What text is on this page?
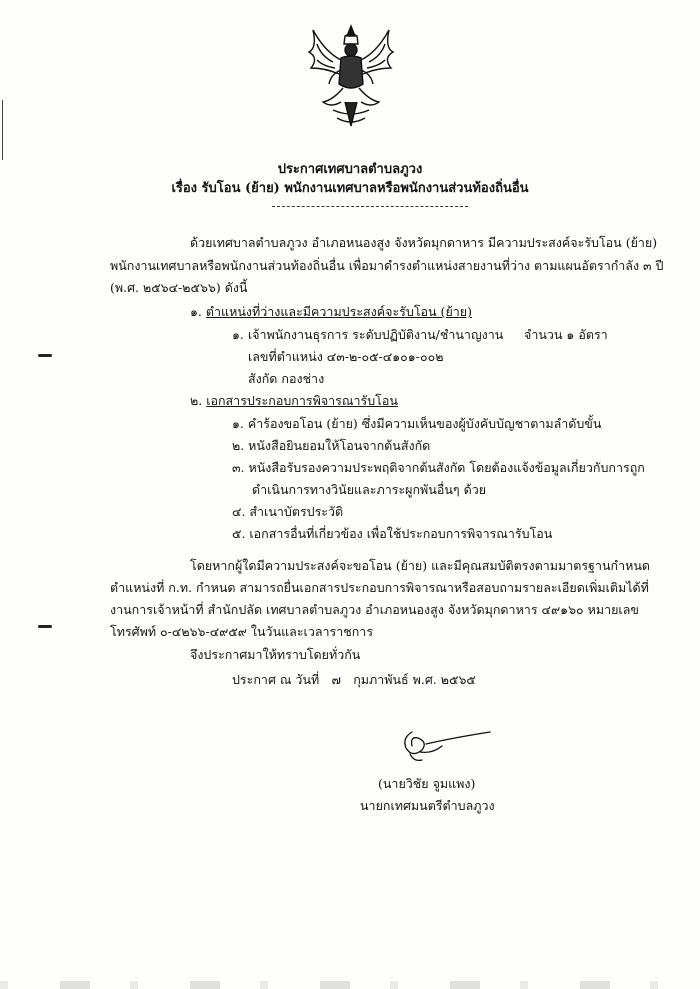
ประกาศเทศบาลตำบลภูวง
เรื่อง รับโอน (ย้าย) พนักงานเทศบาลหรือพนักงานส่วนท้องถิ่นอื่น
ด้วยเทศบาลตำบลภูวง อำเภอหนองสูง จังหวัดมุกดาหาร มีความประสงค์จะรับโอน (ย้าย)
พนักงานเทศบาลหรือพนักงานส่วนท้องถิ่นอื่น เพื่อมาดำรงตำแหน่งสายงานที่ว่าง ตามแผนอัตรากำลัง ๓ ปี
(พ.ศ. ๒๕๖๔-๒๕๖๖) ดังนี้
๑. ตำแหน่งที่ว่างและมีความประสงค์จะรับโอน (ย้าย)
๑. เจ้าพนักงานธุรการ ระดับปฏิบัติงาน/ชำนาญงาน จำนวน ๑ อัตรา
เลขที่ตำแหน่ง ๔๓-๒-๐๕-๔๑๐๑-๐๐๒
สังกัด กองช่าง
๒. เอกสารประกอบการพิจารณารับโอน
๑. คำร้องขอโอน (ย้าย) ซึ่งมีความเห็นของผู้บังคับบัญชาตามลำดับขั้น
๒. หนังสือยินยอมให้โอนจากต้นสังกัด
๓. หนังสือรับรองความประพฤติจากต้นสังกัด โดยต้องแจ้งข้อมูลเกี่ยวกับการถูก
ดำเนินการทางวินัยและภาระผูกพันอื่นๆ ด้วย
๔. สำเนาบัตรประวัติ
๕. เอกสารอื่นที่เกี่ยวข้อง เพื่อใช้ประกอบการพิจารณารับโอน
โดยหากผู้ใดมีความประสงค์จะขอโอน (ย้าย) และมีคุณสมบัติตรงตามมาตรฐานกำหนด
ตำแหน่งที่ ก.ท. กำหนด สามารถยื่นเอกสารประกอบการพิจารณาหรือสอบถามรายละเอียดเพิ่มเติมได้ที่
งานการเจ้าหน้าที่ สำนักปลัด เทศบาลตำบลภูวง อำเภอหนองสูง จังหวัดมุกดาหาร ๔๙๑๖๐ หมายเลข
โทรศัพท์ ๐-๔๒๖๖-๔๙๕๙ ในวันและเวลาราชการ
จึงประกาศมาให้ทราบโดยทั่วกัน
ประกาศ ณ วันที่ ๗ กุมภาพันธ์ พ.ศ. ๒๕๖๕
(นายวิชัย จูมแพง)
นายกเทศมนตรีตำบลภูวง
